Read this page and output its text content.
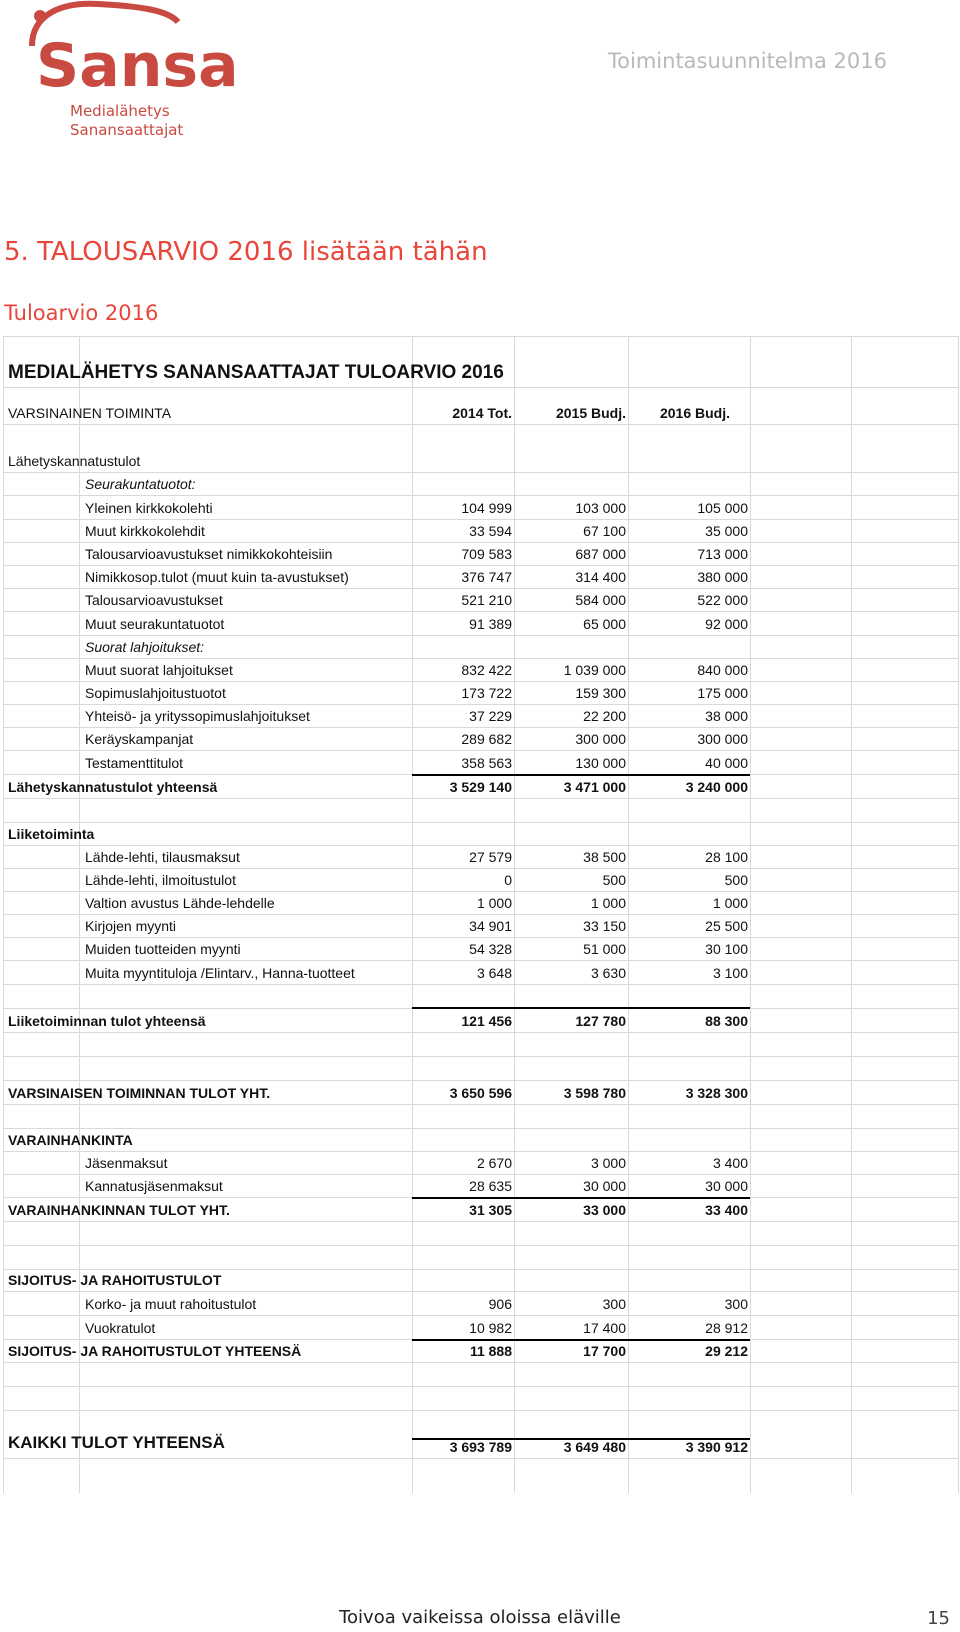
Sansa
Medialähetys
Sanansaattajat
Toimintasuunnitelma 2016
5. TALOUSARVIO 2016 lisätään tähän
Tuloarvio 2016
MEDIALÄHETYS SANANSAATTAJAT TULOARVIO 2016
VARSINAINEN TOIMINTA	2014 Tot.	2015 Budj. 2016 Budj.
Lähetyskannatustulot
Seurakuntatuotot:
Yleinen kirkkokolehti	104 999	103 000	105 000
Muut kirkkokolehdit	33 594	67 100	35 000
Talousarvioavustukset nimikkokohteisiin	709 583	687 000	713 000
Nimikkosop.tulot (muut kuin ta-avustukset)	376 747	314 400	380 000
Talousarvioavustukset	521 210	584 000	522 000
Muut seurakuntatuotot	91 389	65 000	92 000
Suorat lahjoitukset:
Muut suorat lahjoitukset	832 422	1 039 000	840 000
Sopimuslahjoitustuotot	173 722	159 300	175 000
Yhteisö- ja yrityssopimuslahjoitukset	37 229	22 200	38 000
Keräyskampanjat	289 682	300 000	300 000
Testamenttitulot	358 563	130 000	40 000
Lähetyskannatustulot yhteensä	3 529 140	3 471 000	3 240 000
Liiketoiminta
Lähde-lehti, tilausmaksut	27 579	38 500	28 100
Lähde-lehti, ilmoitustulot	0	500	500
Valtion avustus Lähde-lehdelle	1 000	1 000	1 000
Kirjojen myynti	34 901	33 150	25 500
Muiden tuotteiden myynti	54 328	51 000	30 100
Muita myyntituloja /Elintarv., Hanna-tuotteet	3 648	3 630	3 100
Liiketoiminnan tulot yhteensä	121 456	127 780	88 300
VARSINAISEN TOIMINNAN TULOT YHT.	3 650 596	3 598 780	3 328 300
VARAINHANKINTA
Jäsenmaksut	2 670	3 000	3 400
Kannatusjäsenmaksut	28 635	30 000	30 000
VARAINHANKINNAN TULOT YHT.	31 305	33 000	33 400
SIJOITUS- JA RAHOITUSTULOT
Korko- ja muut rahoitustulot	906	300	300
Vuokratulot	10 982	17 400	28 912
SIJOITUS- JA RAHOITUSTULOT YHTEENSÄ	11 888	17 700	29 212
KAIKKI TULOT YHTEENSÄ	3 693 789	3 649 480	3 390 912
Toivoa vaikeissa oloissa eläville	15
